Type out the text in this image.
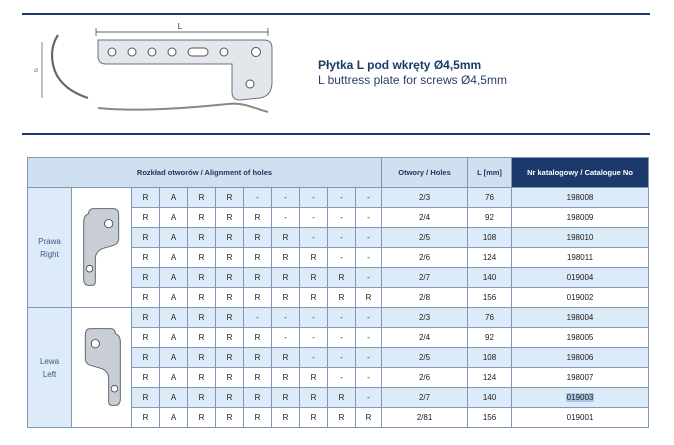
L
∅	Płytka L pod wkręty Ø4,5mm
L buttress plate for screws Ø4,5mm
Rozkład otworów / Alignment of holes											Otwory / Holes	L [mm]	Nr katalogowy / Catalogue No

Prawa
Right		R	A	R	R	-	-	-	-	-	2/3	76	198008
		R	A	R	R	R	-	-	-	-	2/4	92	198009
		R	A	R	R	R	R	-	-	-	2/5	108	198010
		R	A	R	R	R	R	R	-	-	2/6	124	198011
		R	A	R	R	R	R	R	R	-	2/7	140	019004
		R	A	R	R	R	R	R	R	R	2/8	156	019002

Lewa
Left		R	A	R	R	-	-	-	-	-	2/3	76	198004
		R	A	R	R	R	-	-	-	-	2/4	92	198005
		R	A	R	R	R	R	-	-	-	2/5	108	198006
		R	A	R	R	R	R	R	-	-	2/6	124	198007
		R	A	R	R	R	R	R	R	-	2/7	140	019003
		R	A	R	R	R	R	R	R	R	2/81	156	019001
